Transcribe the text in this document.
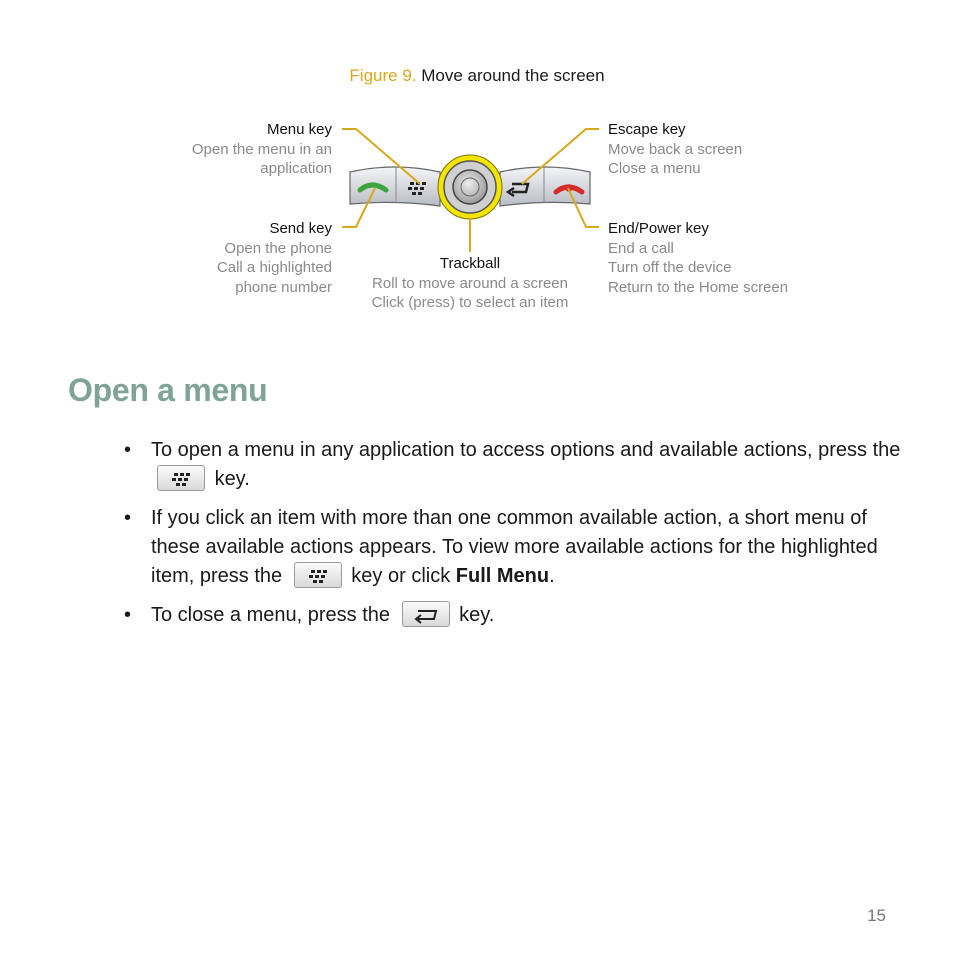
Figure 9. Move around the screen
Menu key
Open the menu in an
application
Send key
Open the phone
Call a highlighted
phone number
Trackball
Roll to move around a screen
Click (press) to select an item
Escape key
Move back a screen
Close a menu
End/Power key
End a call
Turn off the device
Return to the Home screen
Open a menu
• To open a menu in any application to access options and available actions, press the
key.
• If you click an item with more than one common available action, a short menu of these available actions appears. To view more available actions for the highlighted item, press the	key or click Full Menu.
• To close a menu, press the	key.
15
